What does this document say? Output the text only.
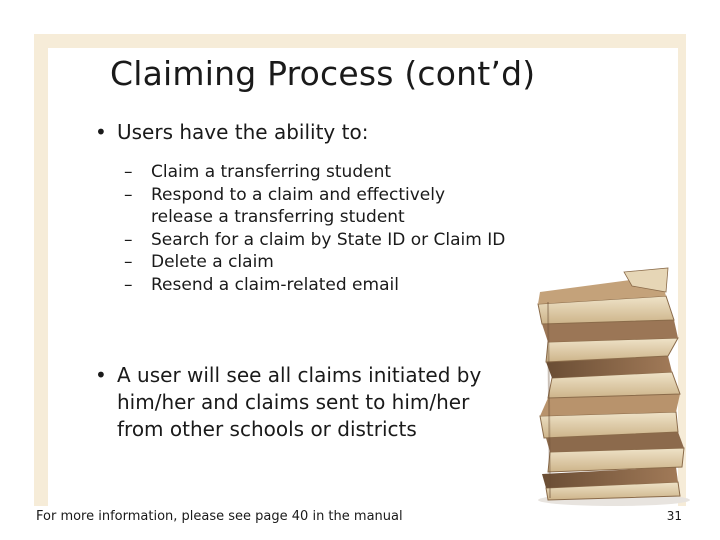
Claiming Process (cont’d)
• Users have the ability to:
– Claim a transferring student
– Respond to a claim and effectively
release a transferring student
– Search for a claim by State ID or Claim ID
– Delete a claim
– Resend a claim-related email
• A user will see all claims initiated by
him/her and claims sent to him/her
from other schools or districts
For more information, please see page 40 in the manual	31
